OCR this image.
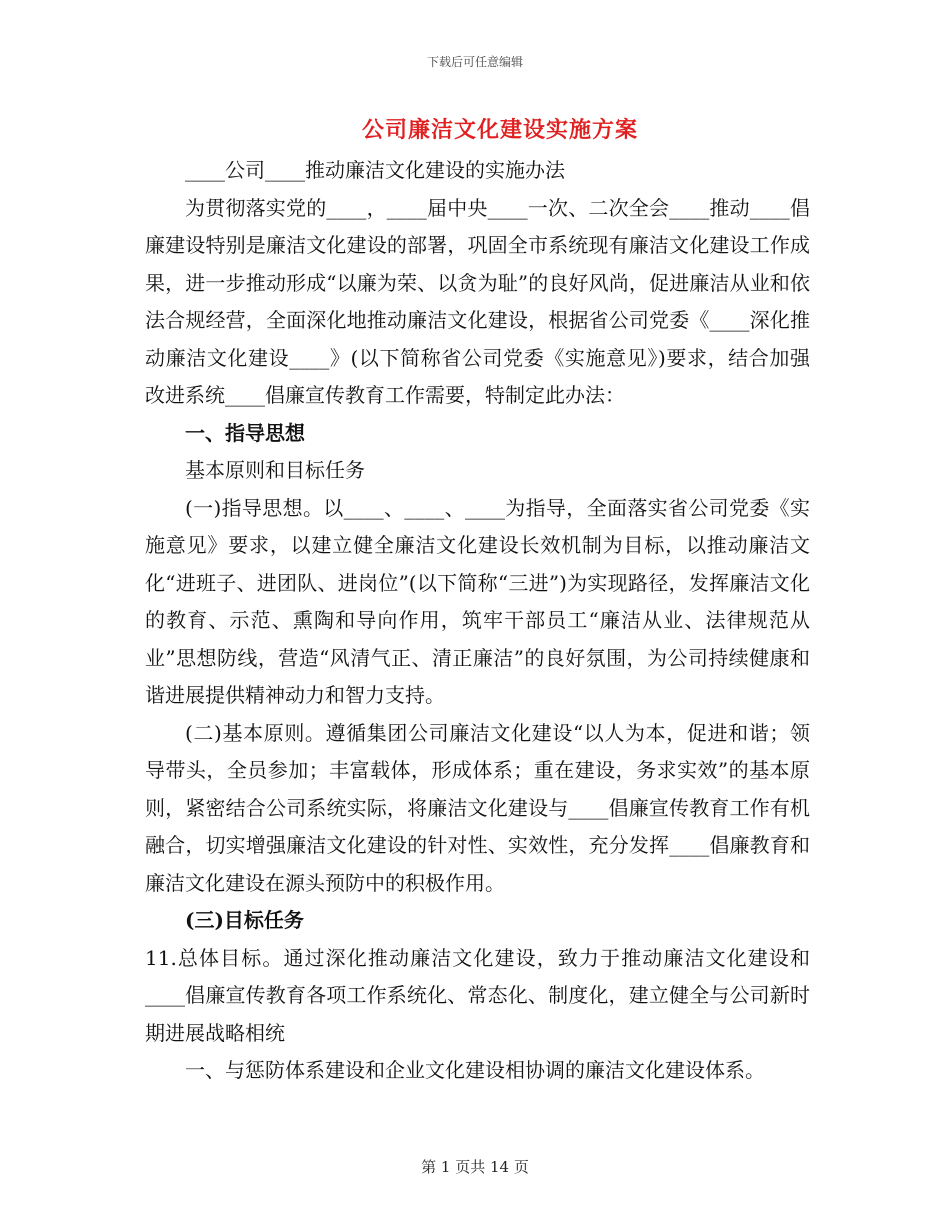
下载后可任意编辑
公司廉洁文化建设实施方案

____公司____推动廉洁文化建设的实施办法

为贯彻落实党的____，____届中央____一次、二次全会____推动____倡廉建设特别是廉洁文化建设的部署，巩固全市系统现有廉洁文化建设工作成果，进一步推动形成“以廉为荣、以贪为耻”的良好风尚，促进廉洁从业和依法合规经营，全面深化地推动廉洁文化建设，根据省公司党委《____深化推动廉洁文化建设____》(以下简称省公司党委《实施意见》)要求，结合加强改进系统____倡廉宣传教育工作需要，特制定此办法：

一、指导思想

基本原则和目标任务

(一)指导思想。以____、____、____为指导，全面落实省公司党委《实施意见》要求，以建立健全廉洁文化建设长效机制为目标，以推动廉洁文化“进班子、进团队、进岗位”(以下简称“三进”)为实现路径，发挥廉洁文化的教育、示范、熏陶和导向作用，筑牢干部员工“廉洁从业、法律规范从业”思想防线，营造“风清气正、清正廉洁”的良好氛围，为公司持续健康和谐进展提供精神动力和智力支持。

(二)基本原则。遵循集团公司廉洁文化建设“以人为本，促进和谐；领导带头，全员参加；丰富载体，形成体系；重在建设，务求实效”的基本原则，紧密结合公司系统实际，将廉洁文化建设与____倡廉宣传教育工作有机融合，切实增强廉洁文化建设的针对性、实效性，充分发挥____倡廉教育和廉洁文化建设在源头预防中的积极作用。

(三)目标任务

11.总体目标。通过深化推动廉洁文化建设，致力于推动廉洁文化建设和____倡廉宣传教育各项工作系统化、常态化、制度化，建立健全与公司新时期进展战略相统

一、与惩防体系建设和企业文化建设相协调的廉洁文化建设体系。

第 1 页共 14 页
